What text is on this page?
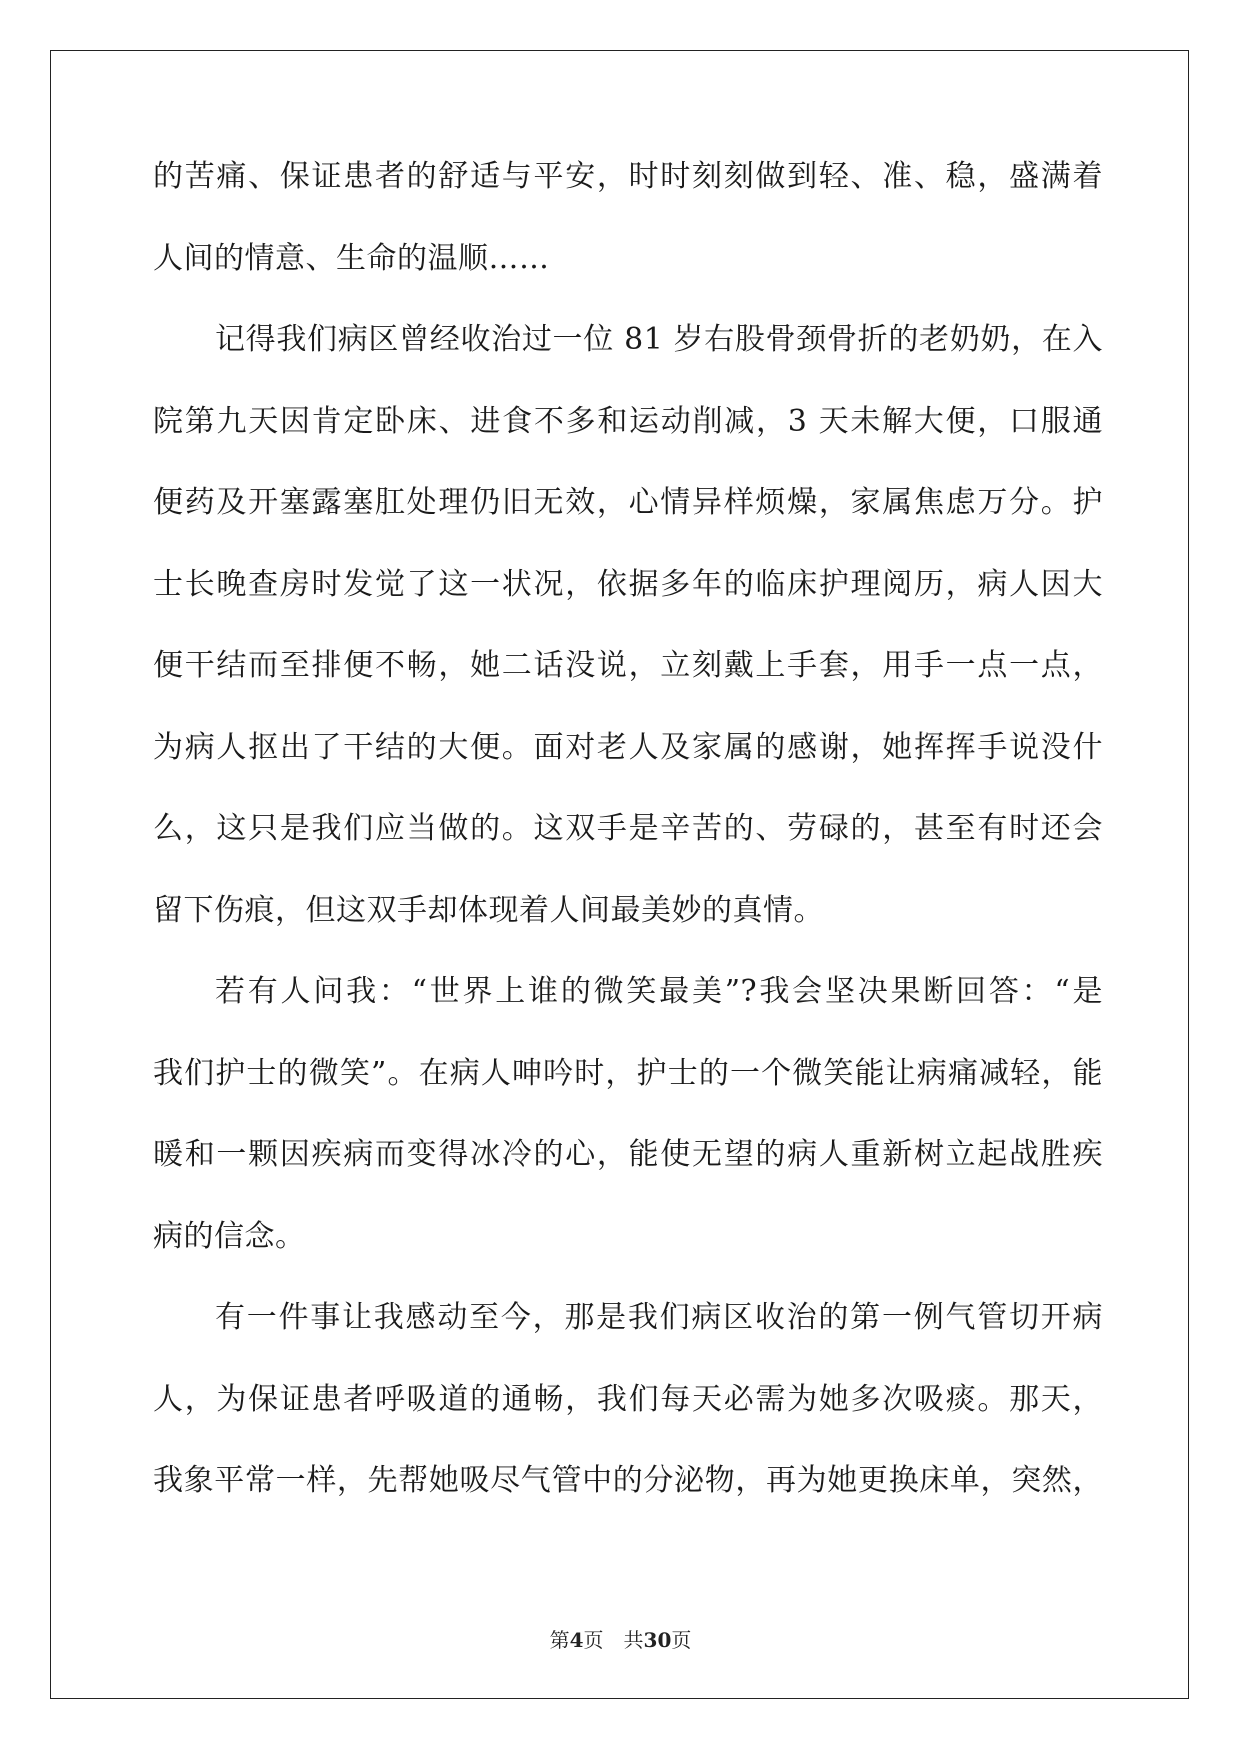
的苦痛、保证患者的舒适与平安，时时刻刻做到轻、准、稳，盛满着
人间的情意、生命的温顺……
记得我们病区曾经收治过一位 81 岁右股骨颈骨折的老奶奶，在入
院第九天因肯定卧床、进食不多和运动削减，3 天未解大便，口服通
便药及开塞露塞肛处理仍旧无效，心情异样烦燥，家属焦虑万分。护
士长晚查房时发觉了这一状况，依据多年的临床护理阅历，病人因大
便干结而至排便不畅，她二话没说，立刻戴上手套，用手一点一点，
为病人抠出了干结的大便。面对老人及家属的感谢，她挥挥手说没什
么，这只是我们应当做的。这双手是辛苦的、劳碌的，甚至有时还会
留下伤痕，但这双手却体现着人间最美妙的真情。
若有人问我：“世界上谁的微笑最美”?我会坚决果断回答：“是
我们护士的微笑”。在病人呻吟时，护士的一个微笑能让病痛减轻，能
暖和一颗因疾病而变得冰冷的心，能使无望的病人重新树立起战胜疾
病的信念。
有一件事让我感动至今，那是我们病区收治的第一例气管切开病
人，为保证患者呼吸道的通畅，我们每天必需为她多次吸痰。那天，
我象平常一样，先帮她吸尽气管中的分泌物，再为她更换床单，突然，
第4页　共30页
